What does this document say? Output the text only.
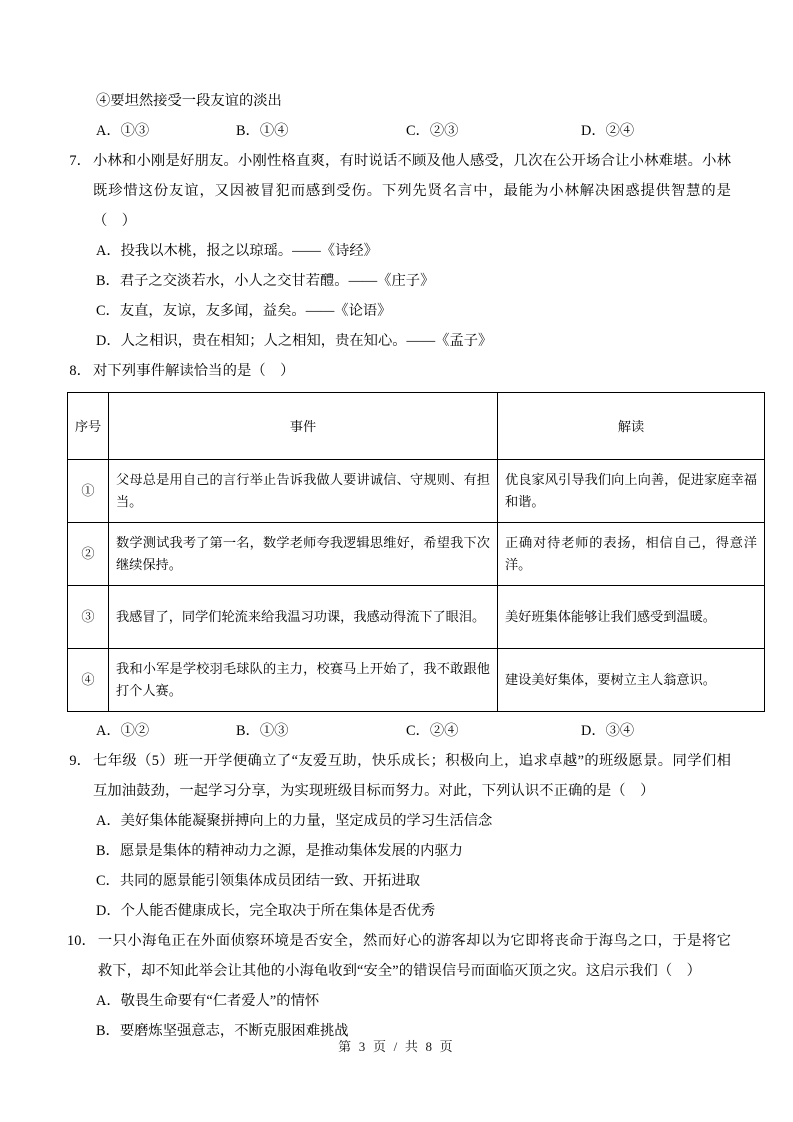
④要坦然接受一段友谊的淡出
A．①③	B．①④	C．②③	D．②④
7． 小林和小刚是好朋友。小刚性格直爽，有时说话不顾及他人感受，几次在公开场合让小林难堪。小林既珍惜这份友谊，又因被冒犯而感到受伤。下列先贤名言中，最能为小林解决困惑提供智慧的是（　）
A．投我以木桃，报之以琼瑶。——《诗经》
B．君子之交淡若水，小人之交甘若醴。——《庄子》
C．友直，友谅，友多闻，益矣。——《论语》
D．人之相识，贵在相知；人之相知，贵在知心。——《孟子》
8． 对下列事件解读恰当的是（　）
序号	事件	解读
①	父母总是用自己的言行举止告诉我做人要讲诚信、守规则、有担当。	优良家风引导我们向上向善，促进家庭幸福和谐。

②	数学测试我考了第一名，数学老师夸我逻辑思维好，希望我下次继续保持。	正确对待老师的表扬，相信自己，得意洋洋。

③	我感冒了，同学们轮流来给我温习功课，我感动得流下了眼泪。	美好班集体能够让我们感受到温暖。

④	我和小军是学校羽毛球队的主力，校赛马上开始了，我不敢跟他打个人赛。	建设美好集体，要树立主人翁意识。
A．①②	B．①③	C．②④	D．③④
9． 七年级（5）班一开学便确立了“友爱互助，快乐成长；积极向上，追求卓越”的班级愿景。同学们相互加油鼓劲，一起学习分享，为实现班级目标而努力。对此，下列认识不正确的是（　）
A．美好集体能凝聚拼搏向上的力量，坚定成员的学习生活信念
B．愿景是集体的精神动力之源，是推动集体发展的内驱力
C．共同的愿景能引领集体成员团结一致、开拓进取
D．个人能否健康成长，完全取决于所在集体是否优秀
10． 一只小海龟正在外面侦察环境是否安全，然而好心的游客却以为它即将丧命于海鸟之口，于是将它救下，却不知此举会让其他的小海龟收到“安全”的错误信号而面临灭顶之灾。这启示我们（　）
A．敬畏生命要有“仁者爱人”的情怀
B．要磨炼坚强意志，不断克服困难挑战
第 3 页 / 共 8 页
